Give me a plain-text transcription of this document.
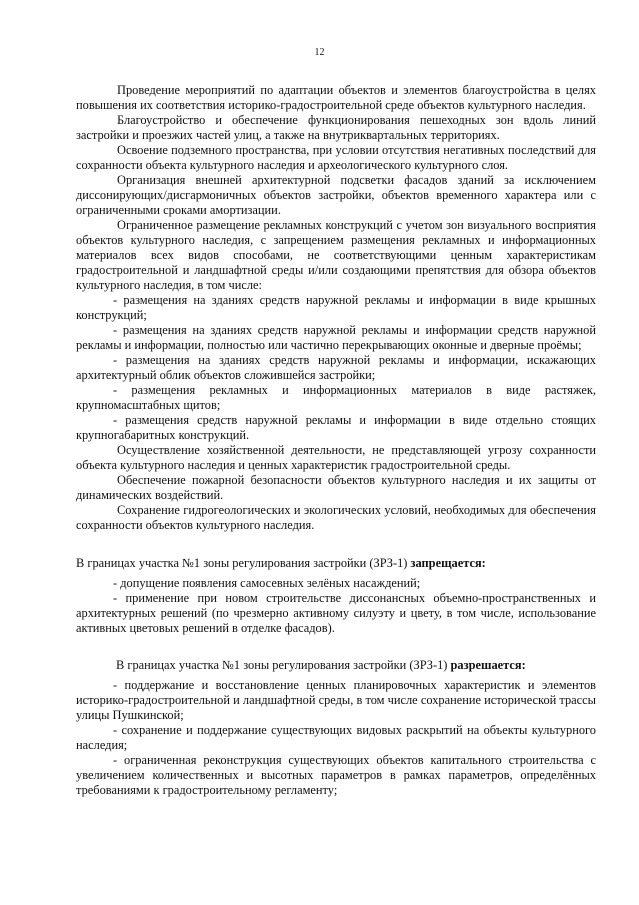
12

Проведение мероприятий по адаптации объектов и элементов благоустройства в целях повышения их соответствия историко-градостроительной среде объектов культурного наследия.

Благоустройство и обеспечение функционирования пешеходных зон вдоль линий застройки и проезжих частей улиц, а также на внутриквартальных территориях.

Освоение подземного пространства, при условии отсутствия негативных последствий для сохранности объекта культурного наследия и археологического культурного слоя.

Организация внешней архитектурной подсветки фасадов зданий за исключением диссонирующих/дисгармоничных объектов застройки, объектов временного характера или с ограниченными сроками амортизации.

Ограниченное размещение рекламных конструкций с учетом зон визуального восприятия объектов культурного наследия, с запрещением размещения рекламных и информационных материалов всех видов способами, не соответствующими ценным характеристикам градостроительной и ландшафтной среды и/или создающими препятствия для обзора объектов культурного наследия, в том числе:

- размещения на зданиях средств наружной рекламы и информации в виде крышных конструкций;

- размещения на зданиях средств наружной рекламы и информации средств наружной рекламы и информации, полностью или частично перекрывающих оконные и дверные проёмы;

- размещения на зданиях средств наружной рекламы и информации, искажающих архитектурный облик объектов сложившейся застройки;

- размещения рекламных и информационных материалов в виде растяжек, крупномасштабных щитов;

- размещения средств наружной рекламы и информации в виде отдельно стоящих крупногабаритных конструкций.

Осуществление хозяйственной деятельности, не представляющей угрозу сохранности объекта культурного наследия и ценных характеристик градостроительной среды.

Обеспечение пожарной безопасности объектов культурного наследия и их защиты от динамических воздействий.

Сохранение гидрогеологических и экологических условий, необходимых для обеспечения сохранности объектов культурного наследия.

В границах участка №1 зоны регулирования застройки (ЗРЗ-1) запрещается:

- допущение появления самосевных зелёных насаждений;

- применение при новом строительстве диссонансных объемно-пространственных и архитектурных решений (по чрезмерно активному силуэту и цвету, в том числе, использование активных цветовых решений в отделке фасадов).

В границах участка №1 зоны регулирования застройки (ЗРЗ-1) разрешается:

- поддержание и восстановление ценных планировочных характеристик и элементов историко-градостроительной и ландшафтной среды, в том числе сохранение исторической трассы улицы Пушкинской;

- сохранение и поддержание существующих видовых раскрытий на объекты культурного наследия;

- ограниченная реконструкция существующих объектов капитального строительства с увеличением количественных и высотных параметров в рамках параметров, определённых требованиями к градостроительному регламенту;
